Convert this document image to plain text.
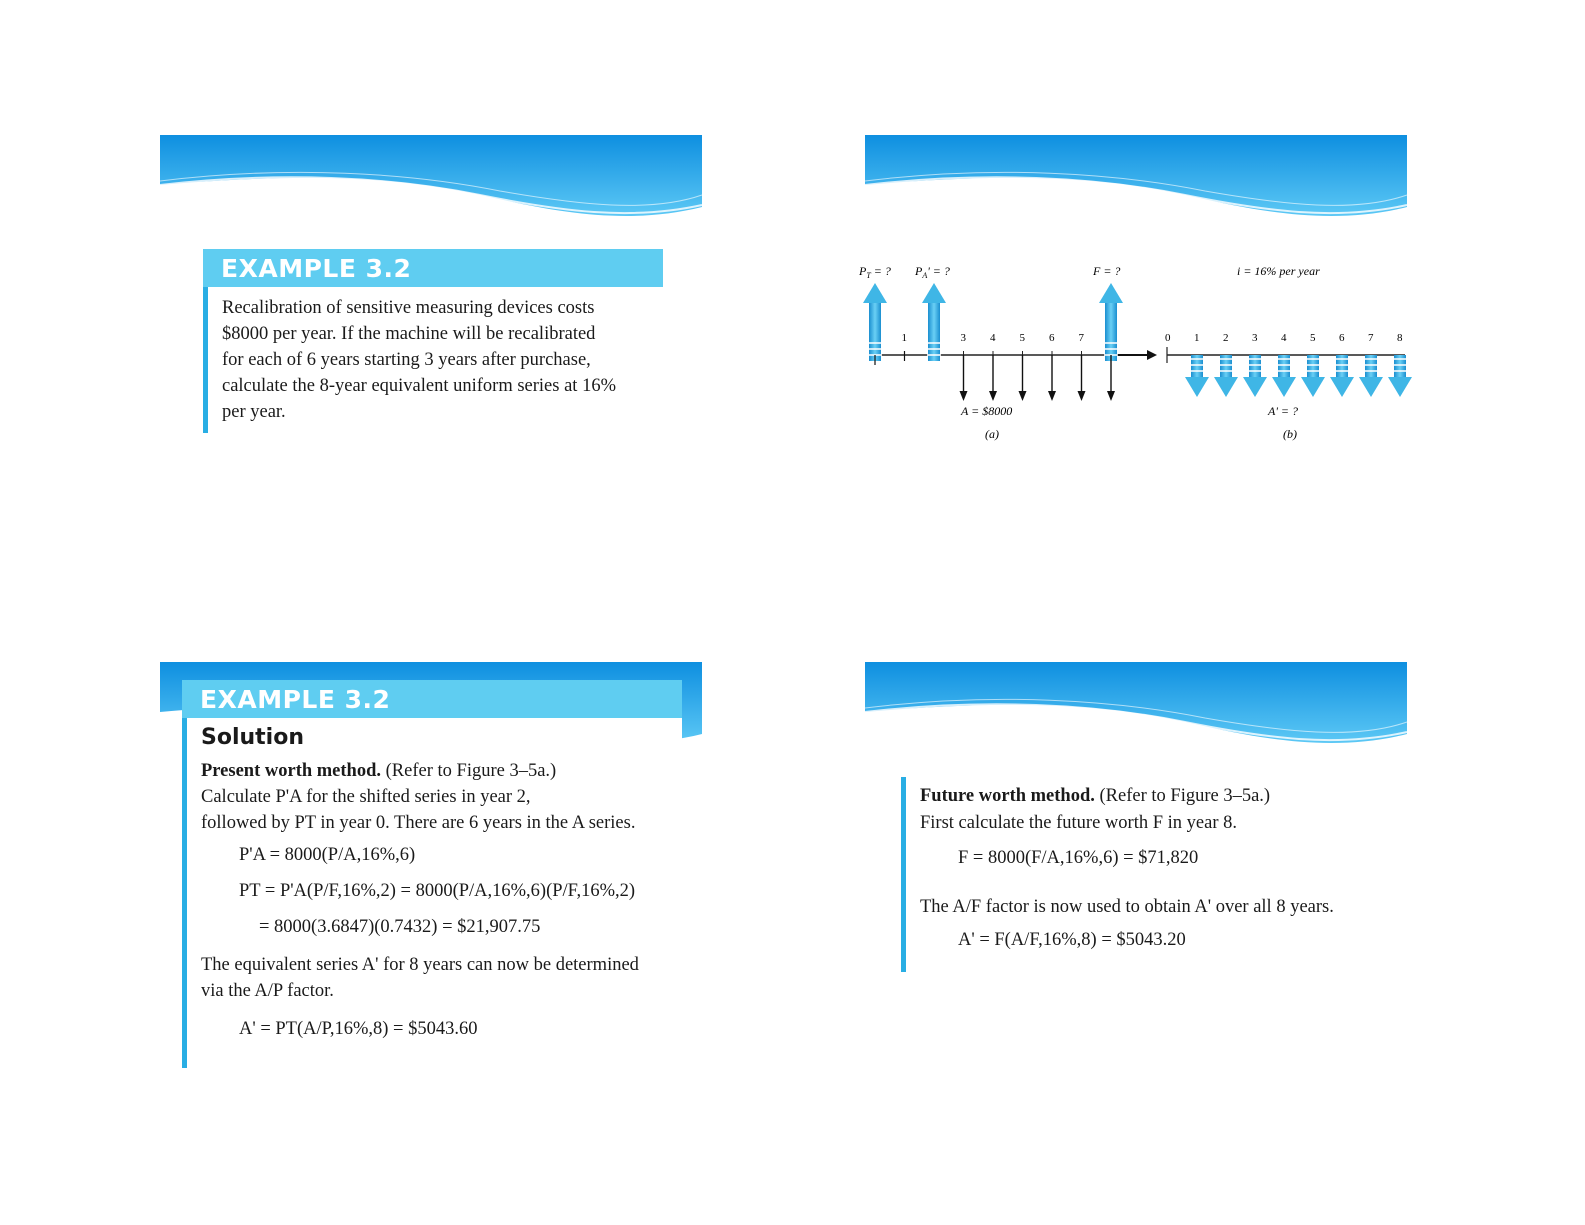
EXAMPLE 3.2
Recalibration of sensitive measuring devices costs
$8000 per year. If the machine will be recalibrated
for each of 6 years starting 3 years after purchase,
calculate the 8-year equivalent uniform series at 16%
per year.
$P_T$ = ? $P_A'$ = ?	F = ?	i = 16% per year
A = $8000	A' = ?
(a)	(b)
1	3 4 5 6 7	0 1 2 3 4 5 6 7 8
EXAMPLE 3.2
Solution
Present worth method. (Refer to Figure 3–5a.)
Calculate P'A for the shifted series in year 2,
followed by PT in year 0. There are 6 years in the A series.
P'A = 8000(P/A,16%,6)
PT = P'A(P/F,16%,2) = 8000(P/A,16%,6)(P/F,16%,2)
= 8000(3.6847)(0.7432) = $21,907.75
The equivalent series A' for 8 years can now be determined
via the A/P factor.
A' = PT(A/P,16%,8) = $5043.60
Future worth method. (Refer to Figure 3–5a.)
First calculate the future worth F in year 8.
F = 8000(F/A,16%,6) = $71,820
The A/F factor is now used to obtain A' over all 8 years.
A' = F(A/F,16%,8) = $5043.20
